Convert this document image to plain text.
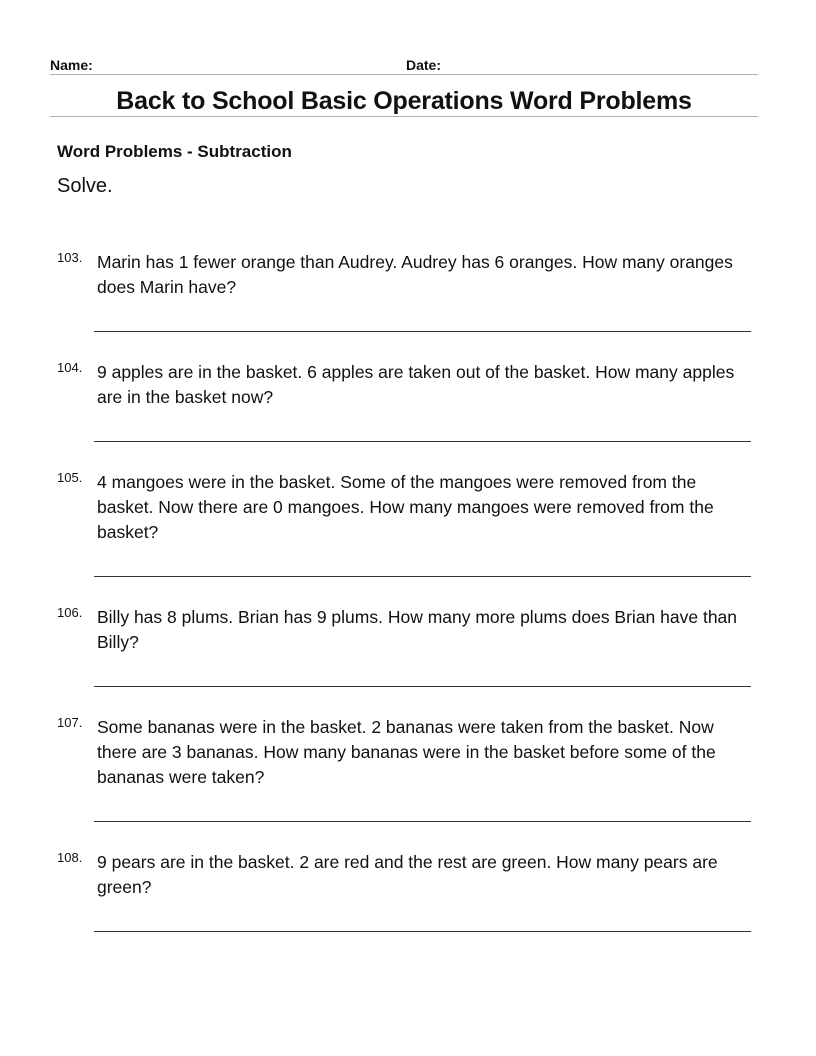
Name:	Date:
Back to School Basic Operations Word Problems
Word Problems - Subtraction
Solve.
103. Marin has 1 fewer orange than Audrey. Audrey has 6 oranges. How many oranges does Marin have?

104. 9 apples are in the basket. 6 apples are taken out of the basket. How many apples are in the basket now?

105. 4 mangoes were in the basket. Some of the mangoes were removed from the basket. Now there are 0 mangoes. How many mangoes were removed from the basket?

106. Billy has 8 plums. Brian has 9 plums. How many more plums does Brian have than Billy?

107. Some bananas were in the basket. 2 bananas were taken from the basket. Now there are 3 bananas. How many bananas were in the basket before some of the bananas were taken?

108. 9 pears are in the basket. 2 are red and the rest are green. How many pears are green?
